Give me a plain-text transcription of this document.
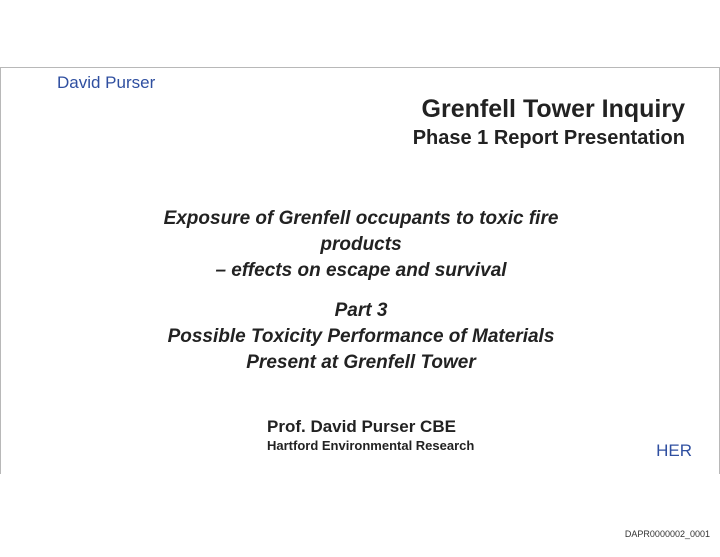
David Purser
Grenfell Tower Inquiry
Phase 1 Report Presentation
Exposure of Grenfell occupants to toxic fire
products
– effects on escape and survival
Part 3
Possible Toxicity Performance of Materials
Present at Grenfell Tower
Prof. David Purser CBE
Hartford Environmental Research	HER
DAPR0000002_0001
